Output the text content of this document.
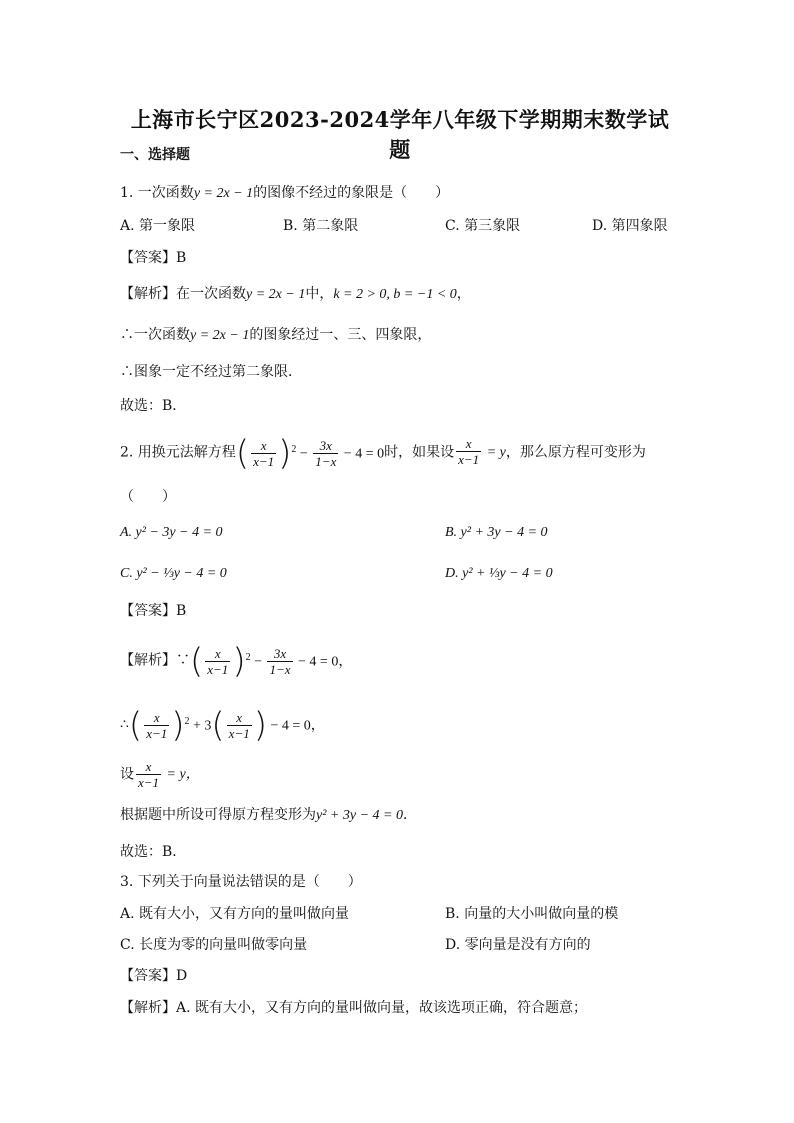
上海市长宁区2023-2024学年八年级下学期期末数学试题
一、选择题
1. 一次函数y = 2x − 1的图像不经过的象限是（　　）
A. 第一象限	B. 第二象限	C. 第三象限	D. 第四象限
【答案】B
【解析】在一次函数y = 2x − 1中，k = 2 > 0, b = −1 < 0，
∴一次函数y = 2x − 1的图象经过一、三、四象限，
∴图象一定不经过第二象限．
故选：B．
2. 用换元法解方程( $\frac{x}{x-1} )^2 - \frac{3x}{1-x} - 4 = 0$时，如果设 $\frac{x}{x-1} = y$，那么原方程可变形为
（　　）
A. y² − 3y − 4 = 0	B. y² + 3y − 4 = 0
C. y² − ⅓y − 4 = 0	D. y² + ⅓y − 4 = 0
【答案】B
【解析】∵( $\frac{x}{x-1} )^2 - \frac{3x}{1-x} - 4 = 0$，
∴( $\frac{x}{x-1} )^2 + 3( \frac{x}{x-1}$ ) − 4 = 0，
设 $\frac{x}{x-1} = y$，
根据题中所设可得原方程变形为y² + 3y − 4 = 0．
故选：B．
3. 下列关于向量说法错误的是（　　）
A. 既有大小，又有方向的量叫做向量	B. 向量的大小叫做向量的模
C. 长度为零的向量叫做零向量	D. 零向量是没有方向的
【答案】D
【解析】A. 既有大小，又有方向的量叫做向量，故该选项正确，符合题意；
